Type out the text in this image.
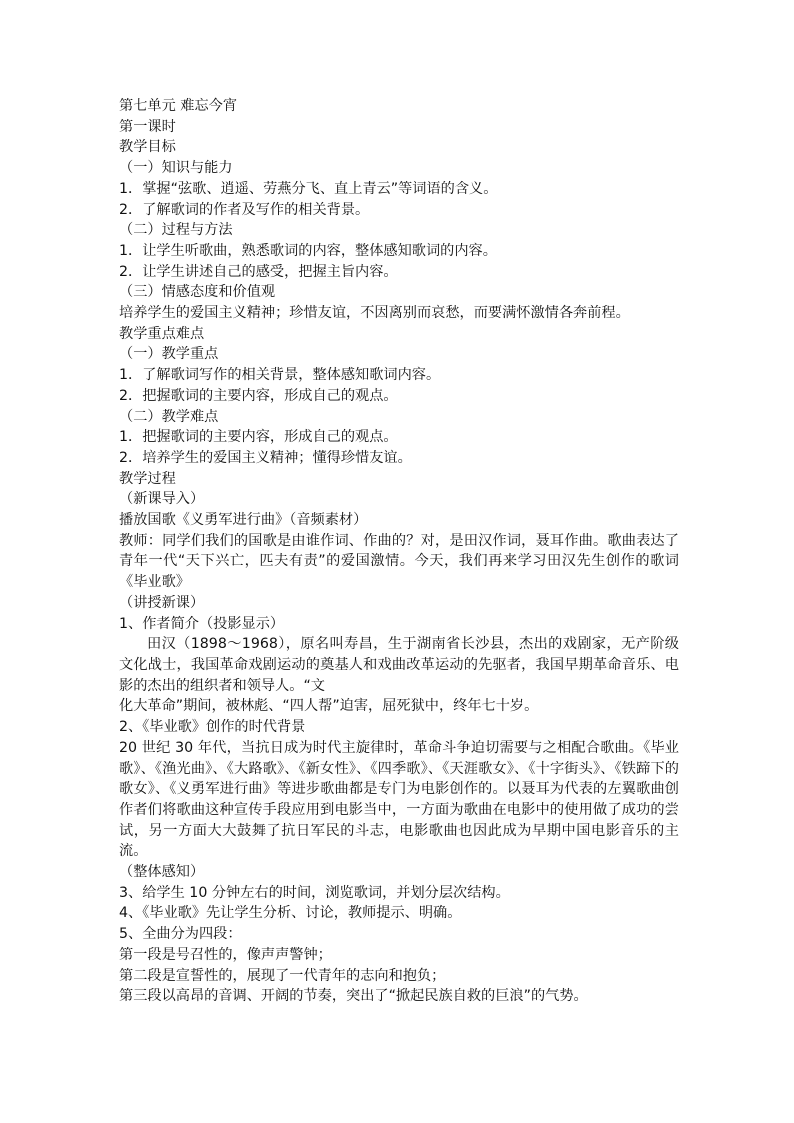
第七单元 难忘今宵

第一课时

教学目标

（一）知识与能力

1．掌握“弦歌、逍遥、劳燕分飞、直上青云”等词语的含义。

2．了解歌词的作者及写作的相关背景。

（二）过程与方法

1．让学生听歌曲，熟悉歌词的内容，整体感知歌词的内容。

2．让学生讲述自己的感受，把握主旨内容。

（三）情感态度和价值观

培养学生的爱国主义精神；珍惜友谊，不因离别而哀愁，而要满怀激情各奔前程。

教学重点难点

（一）教学重点

1．了解歌词写作的相关背景，整体感知歌词内容。

2．把握歌词的主要内容，形成自己的观点。

（二）教学难点

1．把握歌词的主要内容，形成自己的观点。

2．培养学生的爱国主义精神；懂得珍惜友谊。

教学过程

（新课导入）

播放国歌《义勇军进行曲》（音频素材）

教师：同学们我们的国歌是由谁作词、作曲的？对，是田汉作词，聂耳作曲。歌曲表达了青年一代“天下兴亡，匹夫有责”的爱国激情。今天，我们再来学习田汉先生创作的歌词《毕业歌》

（讲授新课）

1、作者简介（投影显示）

田汉（1898～1968），原名叫寿昌，生于湖南省长沙县，杰出的戏剧家，无产阶级文化战士，我国革命戏剧运动的奠基人和戏曲改革运动的先驱者，我国早期革命音乐、电影的杰出的组织者和领导人。“文

化大革命”期间，被林彪、“四人帮”迫害，屈死狱中，终年七十岁。

2、《毕业歌》创作的时代背景

20 世纪 30 年代，当抗日成为时代主旋律时，革命斗争迫切需要与之相配合歌曲。《毕业歌》、《渔光曲》、《大路歌》、《新女性》、《四季歌》、《天涯歌女》、《十字街头》、《铁蹄下的歌女》、《义勇军进行曲》等进步歌曲都是专门为电影创作的。以聂耳为代表的左翼歌曲创作者们将歌曲这种宣传手段应用到电影当中，一方面为歌曲在电影中的使用做了成功的尝试，另一方面大大鼓舞了抗日军民的斗志，电影歌曲也因此成为早期中国电影音乐的主流。

（整体感知）

3、给学生 10 分钟左右的时间，浏览歌词，并划分层次结构。

4、《毕业歌》先让学生分析、讨论，教师提示、明确。

5、全曲分为四段：

第一段是号召性的，像声声警钟；

第二段是宣誓性的，展现了一代青年的志向和抱负；

第三段以高昂的音调、开阔的节奏，突出了“掀起民族自救的巨浪”的气势。
